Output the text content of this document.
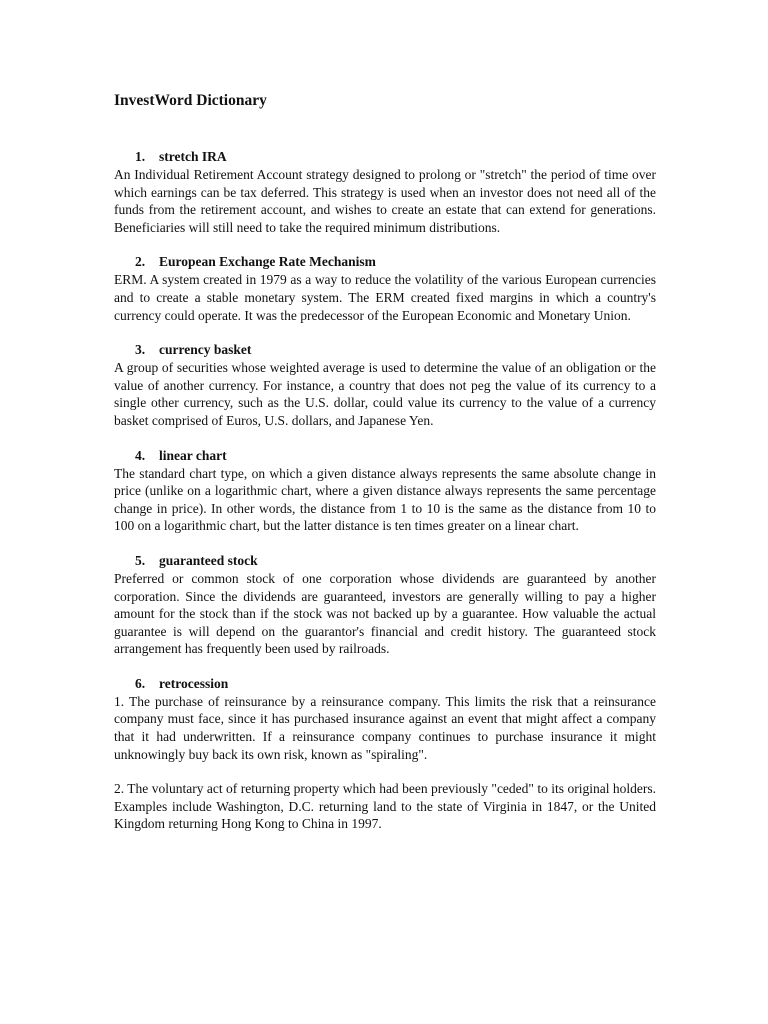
InvestWord Dictionary

1. stretch IRA

An Individual Retirement Account strategy designed to prolong or "stretch" the period of time over which earnings can be tax deferred. This strategy is used when an investor does not need all of the funds from the retirement account, and wishes to create an estate that can extend for generations. Beneficiaries will still need to take the required minimum distributions.

2. European Exchange Rate Mechanism

ERM. A system created in 1979 as a way to reduce the volatility of the various European currencies and to create a stable monetary system. The ERM created fixed margins in which a country's currency could operate. It was the predecessor of the European Economic and Monetary Union.

3. currency basket

A group of securities whose weighted average is used to determine the value of an obligation or the value of another currency. For instance, a country that does not peg the value of its currency to a single other currency, such as the U.S. dollar, could value its currency to the value of a currency basket comprised of Euros, U.S. dollars, and Japanese Yen.

4. linear chart

The standard chart type, on which a given distance always represents the same absolute change in price (unlike on a logarithmic chart, where a given distance always represents the same percentage change in price). In other words, the distance from 1 to 10 is the same as the distance from 10 to 100 on a logarithmic chart, but the latter distance is ten times greater on a linear chart.

5. guaranteed stock

Preferred or common stock of one corporation whose dividends are guaranteed by another corporation. Since the dividends are guaranteed, investors are generally willing to pay a higher amount for the stock than if the stock was not backed up by a guarantee. How valuable the actual guarantee is will depend on the guarantor's financial and credit history. The guaranteed stock arrangement has frequently been used by railroads.

6. retrocession

1. The purchase of reinsurance by a reinsurance company. This limits the risk that a reinsurance company must face, since it has purchased insurance against an event that might affect a company that it had underwritten. If a reinsurance company continues to purchase insurance it might unknowingly buy back its own risk, known as "spiraling".

2. The voluntary act of returning property which had been previously "ceded" to its original holders. Examples include Washington, D.C. returning land to the state of Virginia in 1847, or the United Kingdom returning Hong Kong to China in 1997.
